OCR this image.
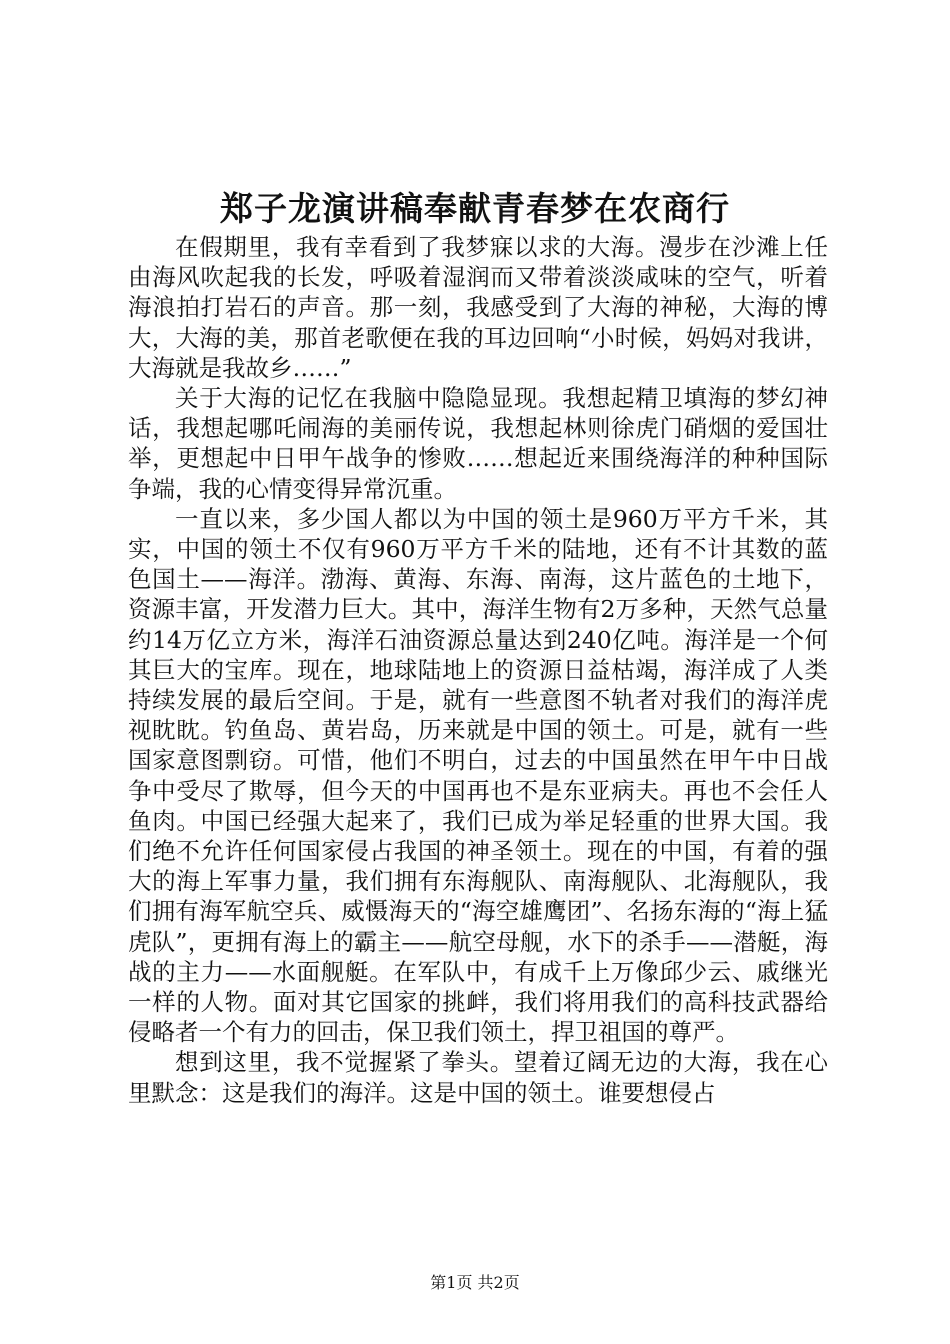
郑子龙演讲稿奉献青春梦在农商行

在假期里，我有幸看到了我梦寐以求的大海。漫步在沙滩上任由海风吹起我的长发，呼吸着湿润而又带着淡淡咸味的空气，听着海浪拍打岩石的声音。那一刻，我感受到了大海的神秘，大海的博大，大海的美，那首老歌便在我的耳边回响“小时候，妈妈对我讲，大海就是我故乡……”

关于大海的记忆在我脑中隐隐显现。我想起精卫填海的梦幻神话，我想起哪吒闹海的美丽传说，我想起林则徐虎门硝烟的爱国壮举，更想起中日甲午战争的惨败……想起近来围绕海洋的种种国际争端，我的心情变得异常沉重。

一直以来，多少国人都以为中国的领土是960万平方千米，其实，中国的领土不仅有960万平方千米的陆地，还有不计其数的蓝色国土——海洋。渤海、黄海、东海、南海，这片蓝色的土地下，资源丰富，开发潜力巨大。其中，海洋生物有2万多种，天然气总量约14万亿立方米，海洋石油资源总量达到240亿吨。海洋是一个何其巨大的宝库。现在，地球陆地上的资源日益枯竭，海洋成了人类持续发展的最后空间。于是，就有一些意图不轨者对我们的海洋虎视眈眈。钓鱼岛、黄岩岛，历来就是中国的领土。可是，就有一些国家意图剽窃。可惜，他们不明白，过去的中国虽然在甲午中日战争中受尽了欺辱，但今天的中国再也不是东亚病夫。再也不会任人鱼肉。中国已经强大起来了，我们已成为举足轻重的世界大国。我们绝不允许任何国家侵占我国的神圣领土。现在的中国，有着的强大的海上军事力量，我们拥有东海舰队、南海舰队、北海舰队，我们拥有海军航空兵、威慑海天的“海空雄鹰团”、名扬东海的“海上猛虎队”，更拥有海上的霸主——航空母舰，水下的杀手——潜艇，海战的主力——水面舰艇。在军队中，有成千上万像邱少云、戚继光一样的人物。面对其它国家的挑衅，我们将用我们的高科技武器给侵略者一个有力的回击，保卫我们领土，捍卫祖国的尊严。

想到这里，我不觉握紧了拳头。望着辽阔无边的大海，我在心里默念：这是我们的海洋。这是中国的领土。谁要想侵占

第1页 共2页
